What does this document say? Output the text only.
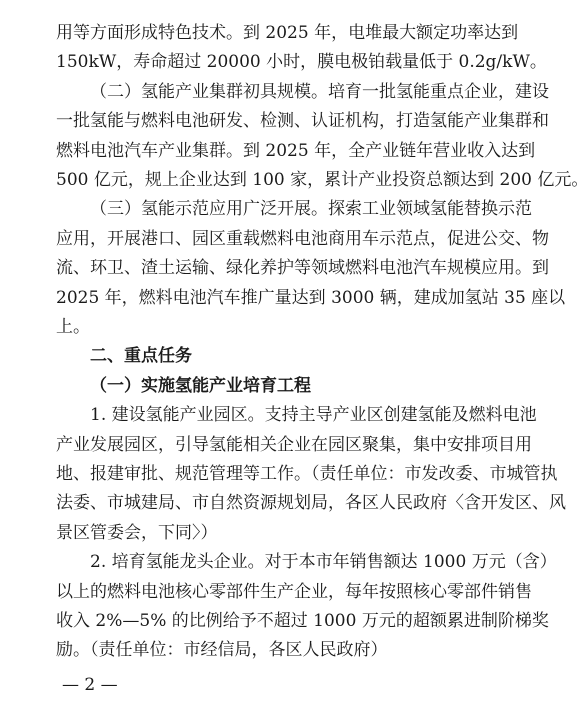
用等方面形成特色技术。到 2025 年，电堆最大额定功率达到
150kW，寿命超过 20000 小时，膜电极铂载量低于 0.2g/kW。
（二）氢能产业集群初具规模。培育一批氢能重点企业，建设
一批氢能与燃料电池研发、检测、认证机构，打造氢能产业集群和
燃料电池汽车产业集群。到 2025 年，全产业链年营业收入达到
500 亿元，规上企业达到 100 家，累计产业投资总额达到 200 亿元。
（三）氢能示范应用广泛开展。探索工业领域氢能替换示范
应用，开展港口、园区重载燃料电池商用车示范点，促进公交、物
流、环卫、渣土运输、绿化养护等领域燃料电池汽车规模应用。到
2025 年，燃料电池汽车推广量达到 3000 辆，建成加氢站 35 座以
上。
二、重点任务
（一）实施氢能产业培育工程
1. 建设氢能产业园区。支持主导产业区创建氢能及燃料电池
产业发展园区，引导氢能相关企业在园区聚集，集中安排项目用
地、报建审批、规范管理等工作。（责任单位：市发改委、市城管执
法委、市城建局、市自然资源规划局，各区人民政府〈含开发区、风
景区管委会，下同〉）
2. 培育氢能龙头企业。对于本市年销售额达 1000 万元（含）
以上的燃料电池核心零部件生产企业，每年按照核心零部件销售
收入 2%—5% 的比例给予不超过 1000 万元的超额累进制阶梯奖
励。（责任单位：市经信局，各区人民政府）
— 2 —
